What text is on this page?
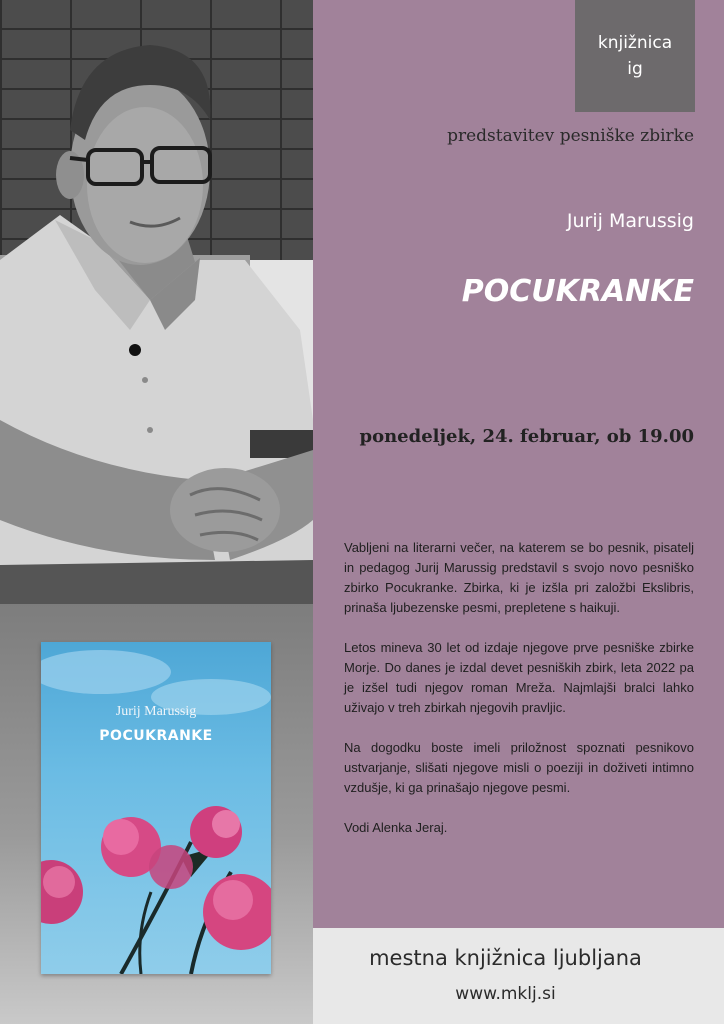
Jurij Marussig
POCUKRANKE
knjižnica
ig
predstavitev pesniške zbirke
Jurij Marussig
POCUKRANKE
ponedeljek, 24. februar, ob 19.00

Vabljeni na literarni večer, na katerem se bo pesnik, pisatelj in pedagog Jurij Marussig predstavil s svojo novo pesniško zbirko Pocukranke. Zbirka, ki je izšla pri založbi Ekslibris, prinaša ljubezenske pesmi, prepletene s haikuji.

Letos mineva 30 let od izdaje njegove prve pesniške zbirke Morje. Do danes je izdal devet pesniških zbirk, leta 2022 pa je izšel tudi njegov roman Mreža. Najmlajši bralci lahko uživajo v treh zbirkah njegovih pravljic.

Na dogodku boste imeli priložnost spoznati pesnikovo ustvarjanje, slišati njegove misli o poeziji in doživeti intimno vzdušje, ki ga prinašajo njegove pesmi.

Vodi Alenka Jeraj.

mestna knjižnica ljubljana
www.mklj.si
